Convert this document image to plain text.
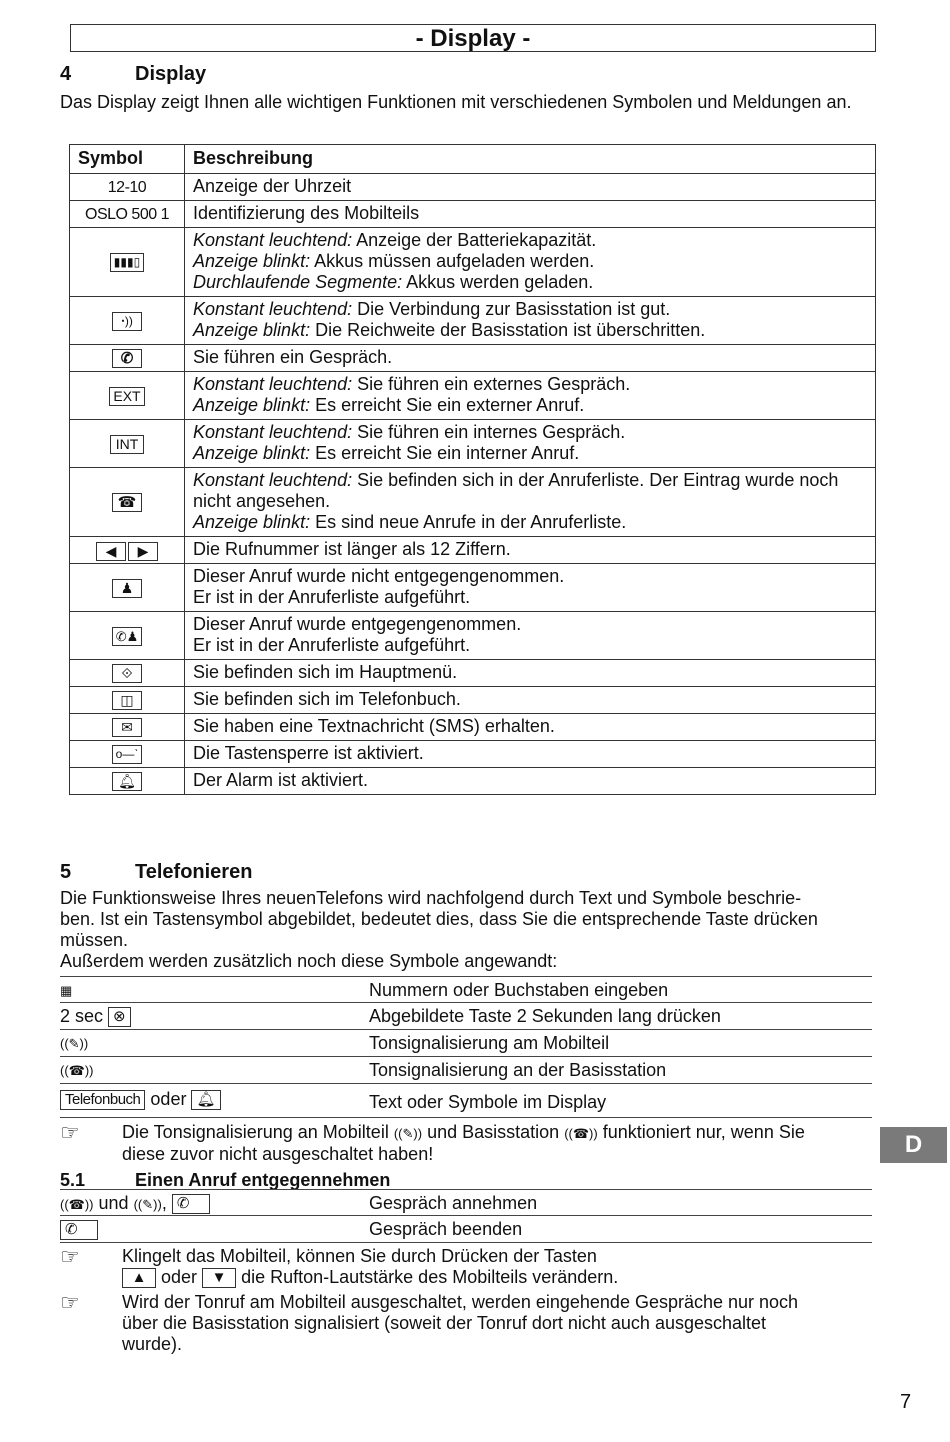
- Display -
4	Display
Das Display zeigt Ihnen alle wichtigen Funktionen mit verschiedenen Symbolen und Meldungen an.
Symbol	Beschreibung
12-10	Anzeige der Uhrzeit

OSLO 500 1	Identifizierung des Mobilteils

▮▮▮▯	Konstant leuchtend: Anzeige der Batteriekapazität.
Anzeige blinkt: Akkus müssen aufgeladen werden.
Durchlaufende Segmente: Akkus werden geladen.

ꞏ))	Konstant leuchtend: Die Verbindung zur Basisstation ist gut.
Anzeige blinkt: Die Reichweite der Basisstation ist überschritten.

✆	Sie führen ein Gespräch.

EXT	Konstant leuchtend: Sie führen ein externes Gespräch.
Anzeige blinkt: Es erreicht Sie ein externer Anruf.

INT	Konstant leuchtend: Sie führen ein internes Gespräch.
Anzeige blinkt: Es erreicht Sie ein interner Anruf.

☎	Konstant leuchtend: Sie befinden sich in der Anruferliste. Der Eintrag wurde noch nicht angesehen.
Anzeige blinkt: Es sind neue Anrufe in der Anruferliste.

◀ ▶	Die Rufnummer ist länger als 12 Ziffern.

♟	Dieser Anruf wurde nicht entgegengenommen.
Er ist in der Anruferliste aufgeführt.

✆♟	Dieser Anruf wurde entgegengenommen.
Er ist in der Anruferliste aufgeführt.

⟐	Sie befinden sich im Hauptmenü.

◫	Sie befinden sich im Telefonbuch.

✉	Sie haben eine Textnachricht (SMS) erhalten.

o—ˋ	Die Tastensperre ist aktiviert.

🔔︎	Der Alarm ist aktiviert.
5	Telefonieren
Die Funktionsweise Ihres neuenTelefons wird nachfolgend durch Text und Symbole beschrie-
ben. Ist ein Tastensymbol abgebildet, bedeutet dies, dass Sie die entsprechende Taste drücken
müssen.
Außerdem werden zusätzlich noch diese Symbole angewandt:
▦	Nummern oder Buchstaben eingeben
2 sec ⊗	Abgebildete Taste 2 Sekunden lang drücken
((✎))	Tonsignalisierung am Mobilteil
((☎))	Tonsignalisierung an der Basisstation
Telefonbuch oder 🔔︎	Text oder Symbole im Display
☞ Die Tonsignalisierung an Mobilteil ((✎)) und Basisstation ((☎)) funktioniert nur, wenn Sie
diese zuvor nicht ausgeschaltet haben!
5.1	Einen Anruf entgegennehmen
((☎)) und ((✎)), ✆	Gespräch annehmen
✆	Gespräch beenden
☞ Klingelt das Mobilteil, können Sie durch Drücken der Tasten
▲ oder ▼ die Rufton-Lautstärke des Mobilteils verändern.
☞ Wird der Tonruf am Mobilteil ausgeschaltet, werden eingehende Gespräche nur noch
über die Basisstation signalisiert (soweit der Tonruf dort nicht auch ausgeschaltet
wurde).
D
7
